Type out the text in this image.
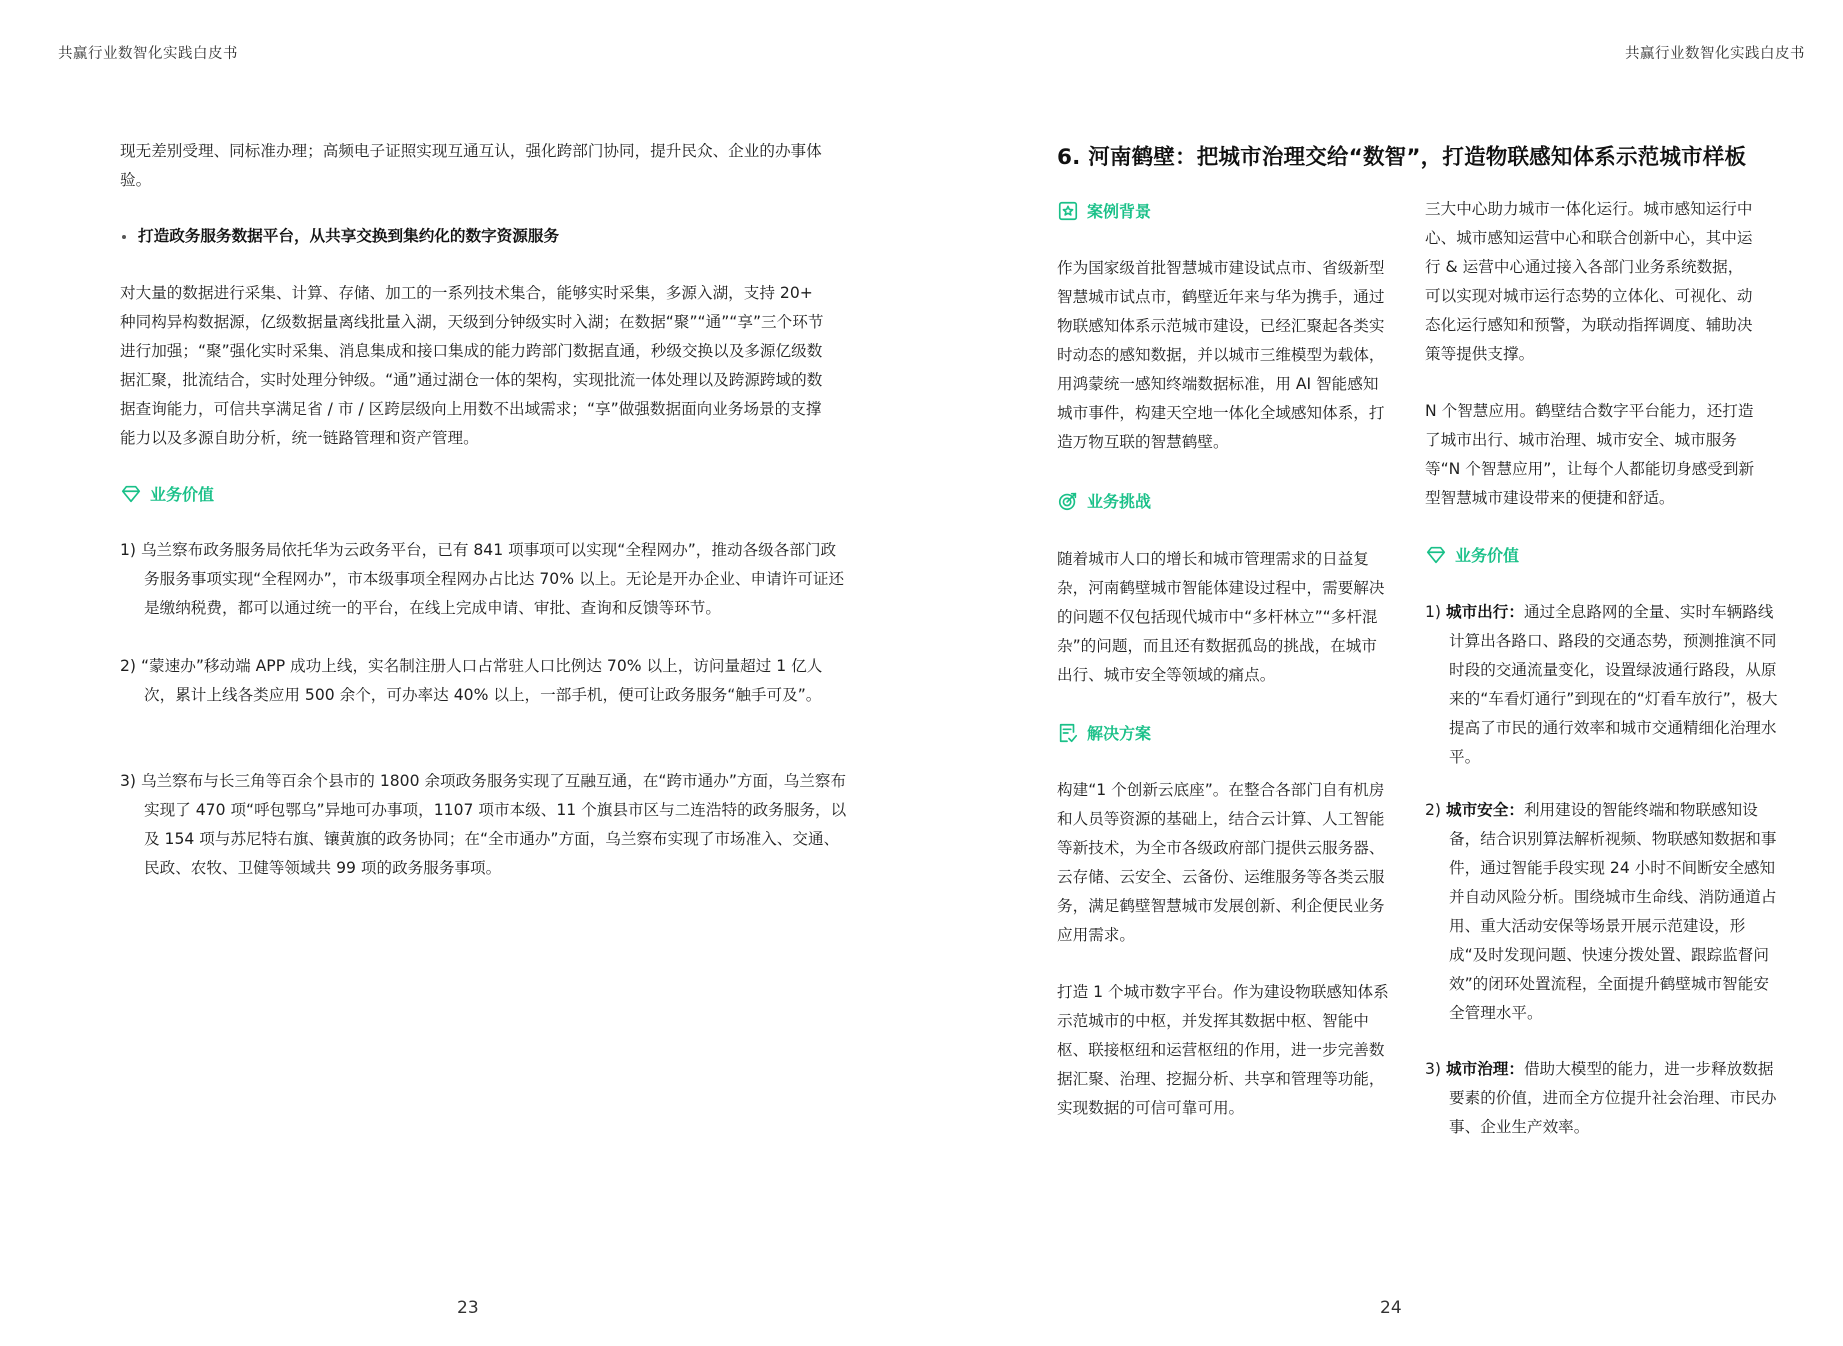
共赢行业数智化实践白皮书	共赢行业数智化实践白皮书

现无差别受理、同标准办理；高频电子证照实现互通互认，强化跨部门协同，提升民众、企业的办事体验。

打造政务服务数据平台，从共享交换到集约化的数字资源服务

对大量的数据进行采集、计算、存储、加工的一系列技术集合，能够实时采集，多源入湖，支持 20+ 种同构异构数据源，亿级数据量离线批量入湖，天级到分钟级实时入湖；在数据“聚”“通”“享”三个环节进行加强；“聚”强化实时采集、消息集成和接口集成的能力跨部门数据直通，秒级交换以及多源亿级数据汇聚，批流结合，实时处理分钟级。“通”通过湖仓一体的架构，实现批流一体处理以及跨源跨域的数据查询能力，可信共享满足省 / 市 / 区跨层级向上用数不出域需求；“享”做强数据面向业务场景的支撑能力以及多源自助分析，统一链路管理和资产管理。

业务价值

1) 乌兰察布政务服务局依托华为云政务平台，已有 841 项事项可以实现“全程网办”，推动各级各部门政务服务事项实现“全程网办”，市本级事项全程网办占比达 70% 以上。无论是开办企业、申请许可证还是缴纳税费，都可以通过统一的平台，在线上完成申请、审批、查询和反馈等环节。

2) “蒙速办”移动端 APP 成功上线，实名制注册人口占常驻人口比例达 70% 以上，访问量超过 1 亿人次，累计上线各类应用 500 余个，可办率达 40% 以上，一部手机，便可让政务服务“触手可及”。

3) 乌兰察布与长三角等百余个县市的 1800 余项政务服务实现了互融互通，在“跨市通办”方面，乌兰察布实现了 470 项“呼包鄂乌”异地可办事项，1107 项市本级、11 个旗县市区与二连浩特的政务服务，以及 154 项与苏尼特右旗、镶黄旗的政务协同；在“全市通办”方面，乌兰察布实现了市场准入、交通、民政、农牧、卫健等领域共 99 项的政务服务事项。

23
6. 河南鹤壁：把城市治理交给“数智”，打造物联感知体系示范城市样板
案例背景

作为国家级首批智慧城市建设试点市、省级新型智慧城市试点市，鹤壁近年来与华为携手，通过物联感知体系示范城市建设，已经汇聚起各类实时动态的感知数据，并以城市三维模型为载体，用鸿蒙统一感知终端数据标准，用 AI 智能感知城市事件，构建天空地一体化全域感知体系，打造万物互联的智慧鹤壁。

业务挑战

随着城市人口的增长和城市管理需求的日益复杂，河南鹤壁城市智能体建设过程中，需要解决的问题不仅包括现代城市中“多杆林立”“多杆混杂”的问题，而且还有数据孤岛的挑战，在城市出行、城市安全等领域的痛点。

解决方案

构建“1 个创新云底座”。在整合各部门自有机房和人员等资源的基础上，结合云计算、人工智能等新技术，为全市各级政府部门提供云服务器、云存储、云安全、云备份、运维服务等各类云服务，满足鹤壁智慧城市发展创新、利企便民业务应用需求。

打造 1 个城市数字平台。作为建设物联感知体系示范城市的中枢，并发挥其数据中枢、智能中枢、联接枢纽和运营枢纽的作用，进一步完善数据汇聚、治理、挖掘分析、共享和管理等功能，实现数据的可信可靠可用。

三大中心助力城市一体化运行。城市感知运行中心、城市感知运营中心和联合创新中心，其中运行 & 运营中心通过接入各部门业务系统数据，可以实现对城市运行态势的立体化、可视化、动态化运行感知和预警，为联动指挥调度、辅助决策等提供支撑。

N 个智慧应用。鹤壁结合数字平台能力，还打造了城市出行、城市治理、城市安全、城市服务等“N 个智慧应用”，让每个人都能切身感受到新型智慧城市建设带来的便捷和舒适。

业务价值

1) 城市出行：通过全息路网的全量、实时车辆路线计算出各路口、路段的交通态势，预测推演不同时段的交通流量变化，设置绿波通行路段，从原来的“车看灯通行”到现在的“灯看车放行”，极大提高了市民的通行效率和城市交通精细化治理水平。

2) 城市安全：利用建设的智能终端和物联感知设备，结合识别算法解析视频、物联感知数据和事件，通过智能手段实现 24 小时不间断安全感知并自动风险分析。围绕城市生命线、消防通道占用、重大活动安保等场景开展示范建设，形成“及时发现问题、快速分拨处置、跟踪监督问效”的闭环处置流程，全面提升鹤壁城市智能安全管理水平。

3) 城市治理：借助大模型的能力，进一步释放数据要素的价值，进而全方位提升社会治理、市民办事、企业生产效率。

24
